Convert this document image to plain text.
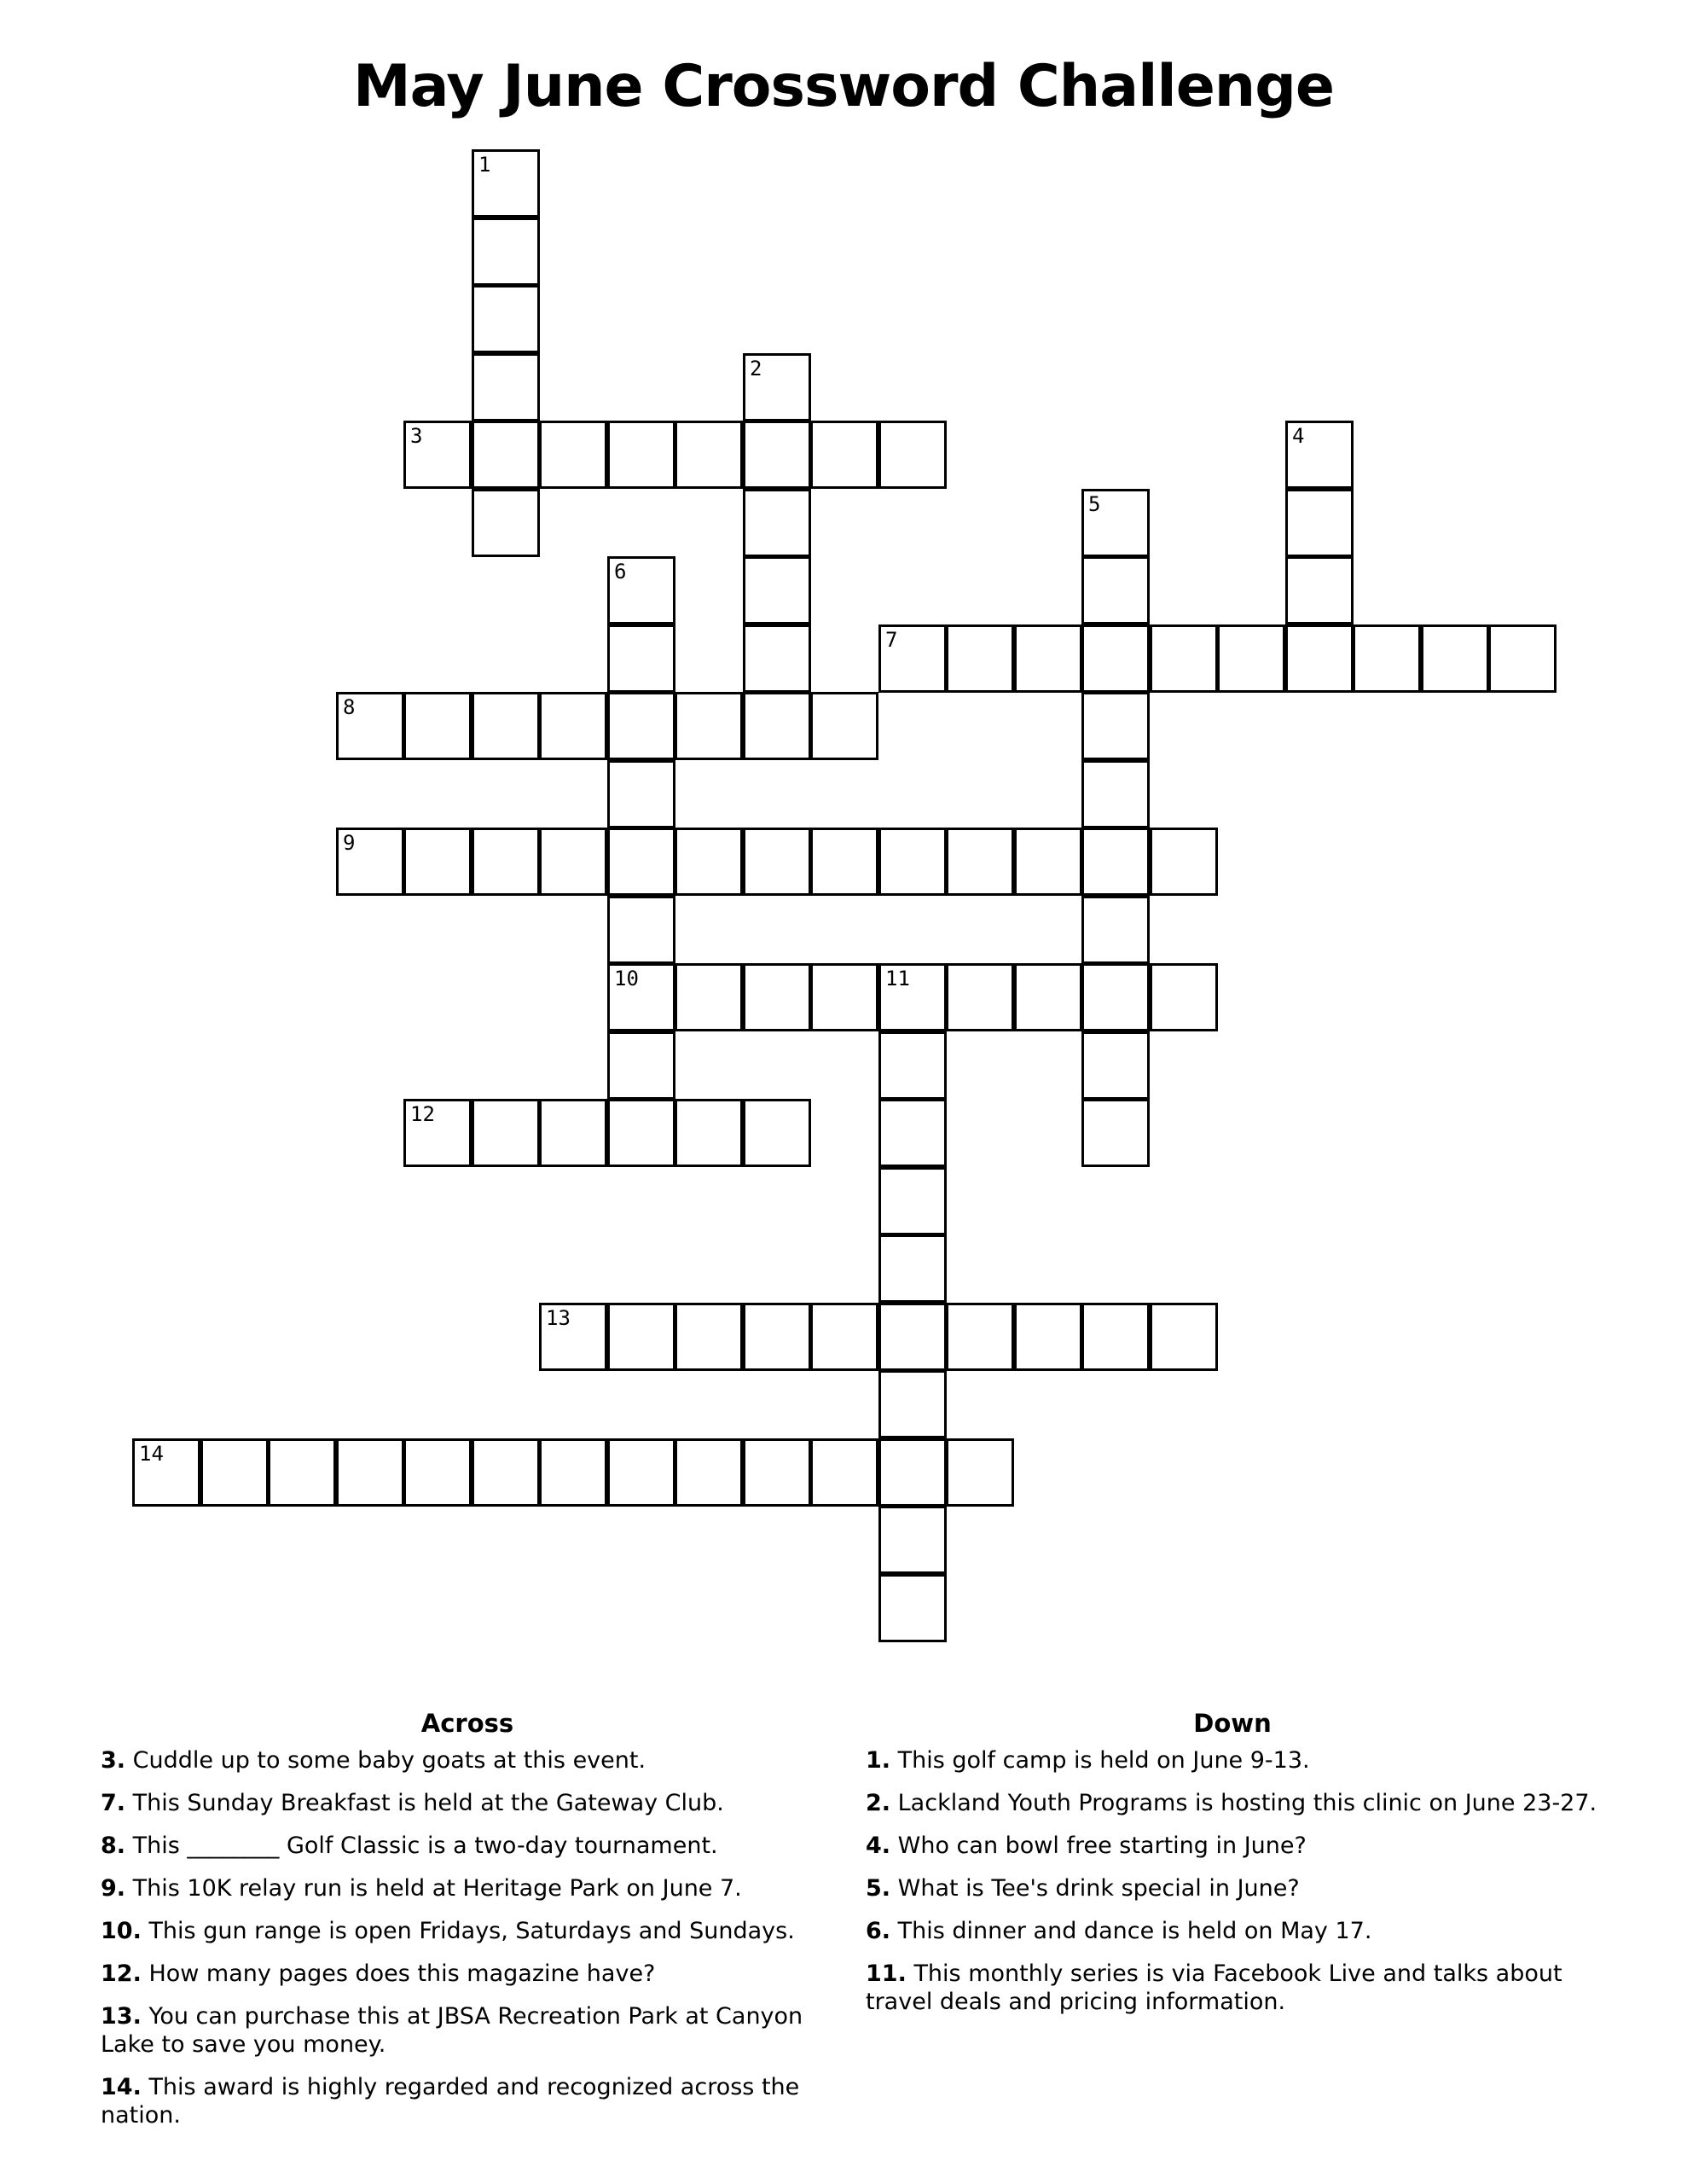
May June Crossword Challenge
1
2
3	4
5
6
10
7
8
9
11
12
13
14
Across
3. Cuddle up to some baby goats at this event.
7. This Sunday Breakfast is held at the Gateway Club.
8. This ________ Golf Classic is a two-day tournament.
9. This 10K relay run is held at Heritage Park on June 7.
10. This gun range is open Fridays, Saturdays and Sundays.
12. How many pages does this magazine have?
13. You can purchase this at JBSA Recreation Park at Canyon Lake to save you money.
14. This award is highly regarded and recognized across the nation.
Down
1. This golf camp is held on June 9-13.
2. Lackland Youth Programs is hosting this clinic on June 23-27.
4. Who can bowl free starting in June?
5. What is Tee's drink special in June?
6. This dinner and dance is held on May 17.
11. This monthly series is via Facebook Live and talks about travel deals and pricing information.
